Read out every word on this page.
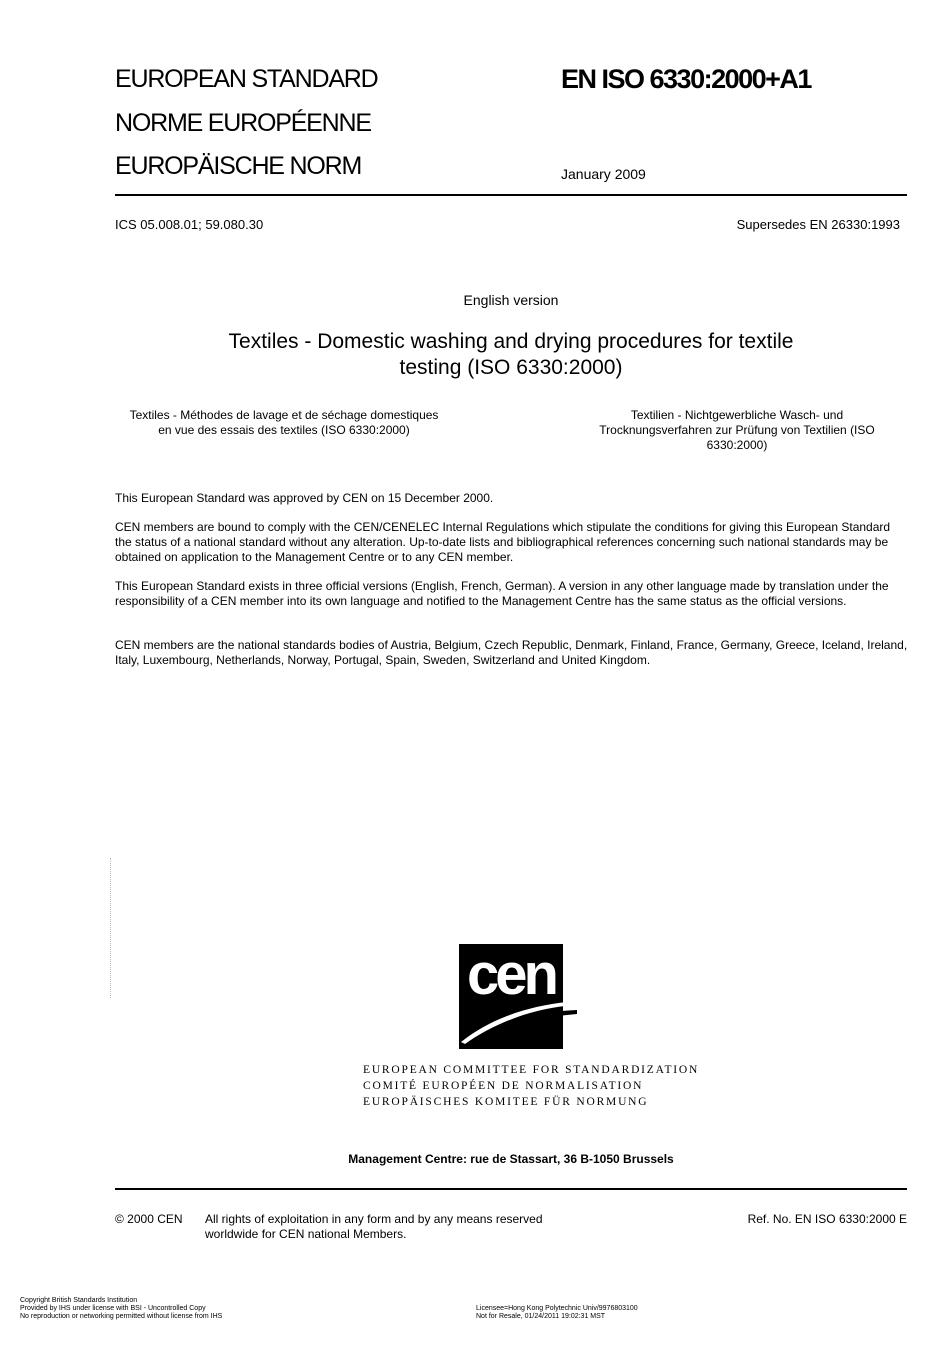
EUROPEAN STANDARD
NORME EUROPÉENNE
EUROPÄISCHE NORM
EN ISO 6330:2000+A1
January 2009
ICS 05.008.01; 59.080.30	Supersedes EN 26330:1993
English version
Textiles - Domestic washing and drying procedures for textile
testing (ISO 6330:2000)
Textiles - Méthodes de lavage et de séchage domestiques
en vue des essais des textiles (ISO 6330:2000)
Textilien - Nichtgewerbliche Wasch- und
Trocknungsverfahren zur Prüfung von Textilien (ISO
6330:2000)
This European Standard was approved by CEN on 15 December 2000.
CEN members are bound to comply with the CEN/CENELEC Internal Regulations which stipulate the conditions for giving this European Standard the status of a national standard without any alteration. Up-to-date lists and bibliographical references concerning such national standards may be obtained on application to the Management Centre or to any CEN member.
This European Standard exists in three official versions (English, French, German). A version in any other language made by translation under the responsibility of a CEN member into its own language and notified to the Management Centre has the same status as the official versions.
CEN members are the national standards bodies of Austria, Belgium, Czech Republic, Denmark, Finland, France, Germany, Greece, Iceland, Ireland, Italy, Luxembourg, Netherlands, Norway, Portugal, Spain, Sweden, Switzerland and United Kingdom.
cen
EUROPEAN COMMITTEE FOR STANDARDIZATION
COMITÉ EUROPÉEN DE NORMALISATION
EUROPÄISCHES KOMITEE FÜR NORMUNG
Management Centre: rue de Stassart, 36 B-1050 Brussels
© 2000 CEN All rights of exploitation in any form and by any means reserved
worldwide for CEN national Members.
Ref. No. EN ISO 6330:2000 E
Copyright British Standards Institution
Provided by IHS under license with BSI - Uncontrolled Copy
No reproduction or networking permitted without license from IHS
Licensee=Hong Kong Polytechnic Univ/9976803100
Not for Resale, 01/24/2011 19:02:31 MST
